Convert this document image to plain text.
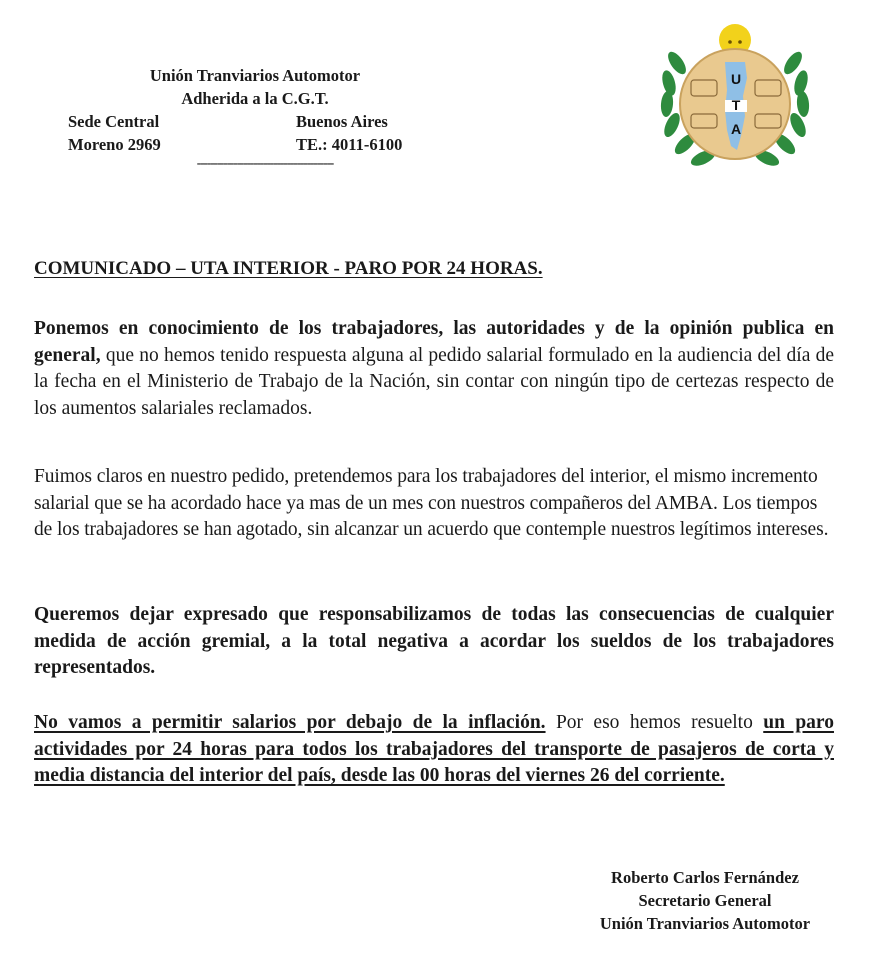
Unión Tranviarios Automotor
Adherida a la C.G.T.
Sede Central	Buenos Aires
Moreno 2969	TE.: 4011-6100
-----------------------------------------
U
T
A
COMUNICADO – UTA INTERIOR - PARO POR 24 HORAS.
Ponemos en conocimiento de los trabajadores, las autoridades y de la opinión publica en general, que no hemos tenido respuesta alguna al pedido salarial formulado en la audiencia del día de la fecha en el Ministerio de Trabajo de la Nación, sin contar con ningún tipo de certezas respecto de los aumentos salariales reclamados.
Fuimos claros en nuestro pedido, pretendemos para los trabajadores del interior, el mismo incremento salarial que se ha acordado hace ya mas de un mes con nuestros compañeros del AMBA. Los tiempos de los trabajadores se han agotado, sin alcanzar un acuerdo que contemple nuestros legítimos intereses.
Queremos dejar expresado que responsabilizamos de todas las consecuencias de cualquier medida de acción gremial, a la total negativa a acordar los sueldos de los trabajadores representados.
No vamos a permitir salarios por debajo de la inflación. Por eso hemos resuelto un paro actividades por 24 horas para todos los trabajadores del transporte de pasajeros de corta y media distancia del interior del país, desde las 00 horas del viernes 26 del corriente.
Roberto Carlos Fernández
Secretario General
Unión Tranviarios Automotor
